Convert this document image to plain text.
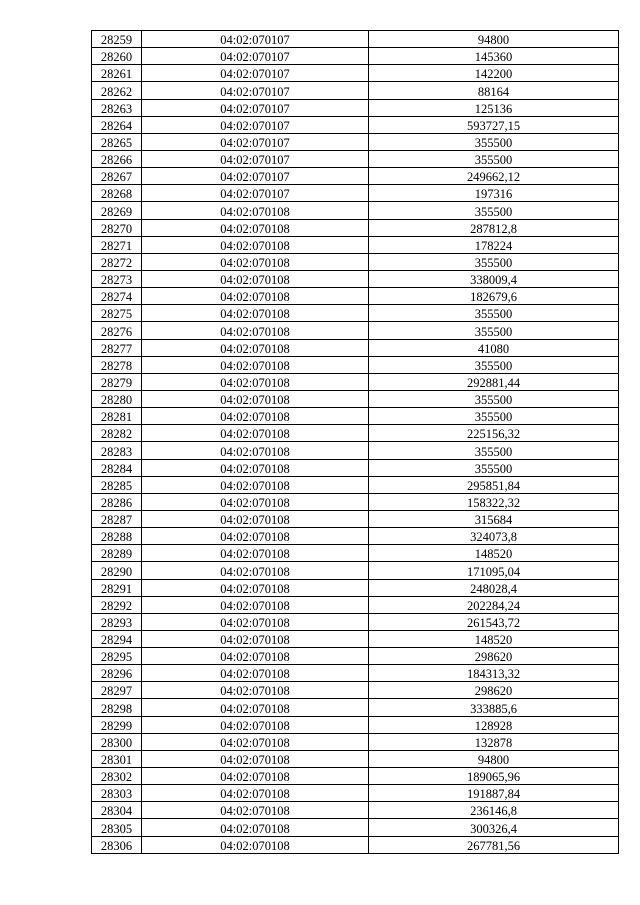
28259	04:02:070107	94800
28260	04:02:070107	145360
28261	04:02:070107	142200
28262	04:02:070107	88164
28263	04:02:070107	125136
28264	04:02:070107	593727,15
28265	04:02:070107	355500
28266	04:02:070107	355500
28267	04:02:070107	249662,12
28268	04:02:070107	197316
28269	04:02:070108	355500
28270	04:02:070108	287812,8
28271	04:02:070108	178224
28272	04:02:070108	355500
28273	04:02:070108	338009,4
28274	04:02:070108	182679,6
28275	04:02:070108	355500
28276	04:02:070108	355500
28277	04:02:070108	41080
28278	04:02:070108	355500
28279	04:02:070108	292881,44
28280	04:02:070108	355500
28281	04:02:070108	355500
28282	04:02:070108	225156,32
28283	04:02:070108	355500
28284	04:02:070108	355500
28285	04:02:070108	295851,84
28286	04:02:070108	158322,32
28287	04:02:070108	315684
28288	04:02:070108	324073,8
28289	04:02:070108	148520
28290	04:02:070108	171095,04
28291	04:02:070108	248028,4
28292	04:02:070108	202284,24
28293	04:02:070108	261543,72
28294	04:02:070108	148520
28295	04:02:070108	298620
28296	04:02:070108	184313,32
28297	04:02:070108	298620
28298	04:02:070108	333885,6
28299	04:02:070108	128928
28300	04:02:070108	132878
28301	04:02:070108	94800
28302	04:02:070108	189065,96
28303	04:02:070108	191887,84
28304	04:02:070108	236146,8
28305	04:02:070108	300326,4
28306	04:02:070108	267781,56
